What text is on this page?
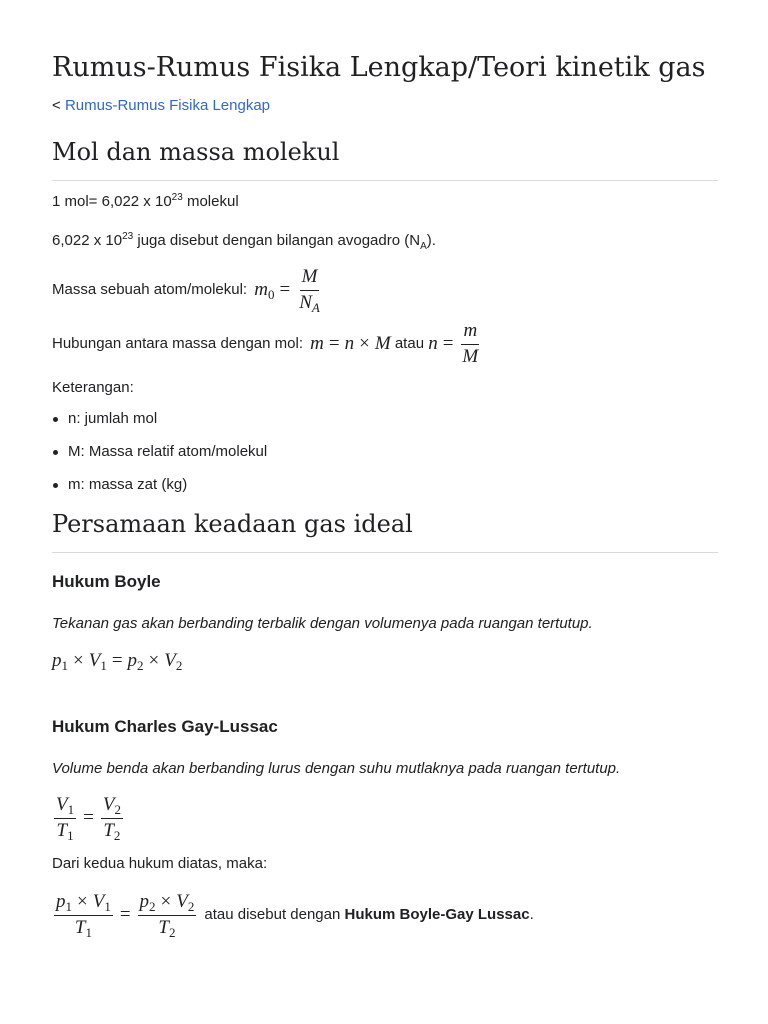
Rumus-Rumus Fisika Lengkap/Teori kinetik gas
< Rumus-Rumus Fisika Lengkap
Mol dan massa molekul
1 mol= 6,022 x $10^{23}$ molekul
6,022 x $10^{23}$ juga disebut dengan bilangan avogadro $(N_A)$.
Massa sebuah atom/molekul: $m_0 = \frac{M}{N_A}$
Hubungan antara massa dengan mol: m = n × M atau $n = \frac{m}{M}$
Keterangan:
n: jumlah mol
M: Massa relatif atom/molekul
m: massa zat (kg)
Persamaan keadaan gas ideal
Hukum Boyle
Tekanan gas akan berbanding terbalik dengan volumenya pada ruangan tertutup.
$p_1 \times V_1 = p_2 \times V_2$
Hukum Charles Gay-Lussac
Volume benda akan berbanding lurus dengan suhu mutlaknya pada ruangan tertutup.
$\frac{V_1}{T_1} = \frac{V_2}{T_2}$
Dari kedua hukum diatas, maka:
$\frac{p_1 \times V_1}{T_1} = \frac{p_2 \times V_2}{T_2}$ atau disebut dengan Hukum Boyle-Gay Lussac.
